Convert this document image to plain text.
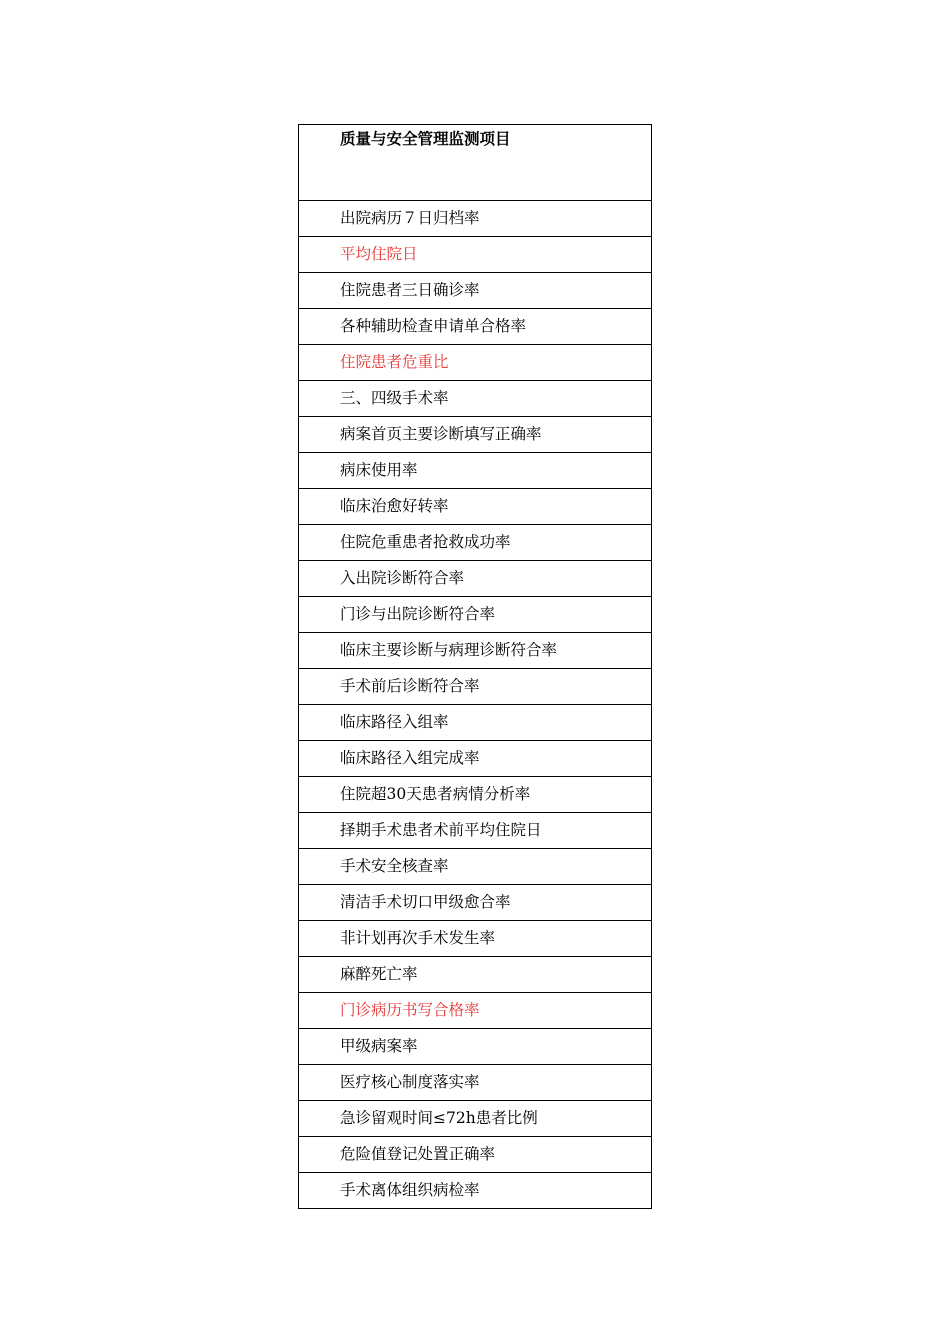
质量与安全管理监测项目
出院病历７日归档率
平均住院日
住院患者三日确诊率
各种辅助检查申请单合格率
住院患者危重比
三、四级手术率
病案首页主要诊断填写正确率
病床使用率
临床治愈好转率
住院危重患者抢救成功率
入出院诊断符合率
门诊与出院诊断符合率
临床主要诊断与病理诊断符合率
手术前后诊断符合率
临床路径入组率
临床路径入组完成率
住院超30天患者病情分析率
择期手术患者术前平均住院日
手术安全核查率
清洁手术切口甲级愈合率
非计划再次手术发生率
麻醉死亡率
门诊病历书写合格率
甲级病案率
医疗核心制度落实率
急诊留观时间≤72h患者比例
危险值登记处置正确率
手术离体组织病检率
